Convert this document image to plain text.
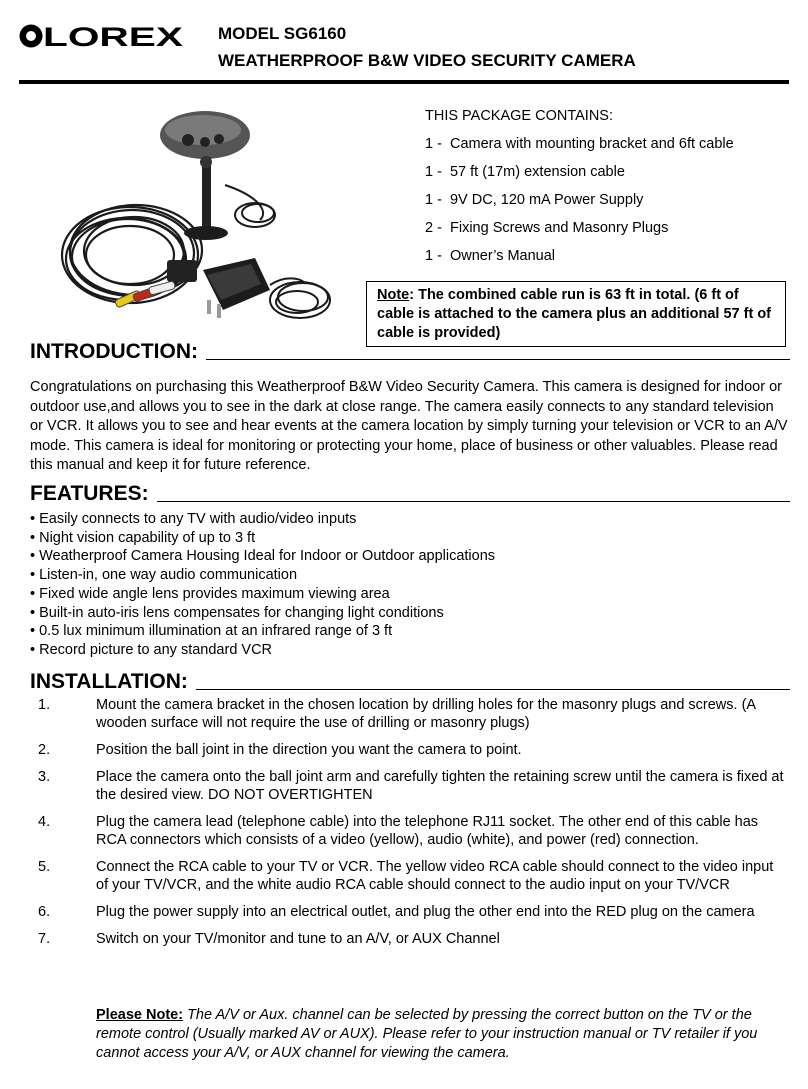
LOREX MODEL SG6160
WEATHERPROOF B&W VIDEO SECURITY CAMERA
THIS PACKAGE CONTAINS:
1 - Camera with mounting bracket and 6ft cable
1 - 57 ft (17m) extension cable
1 - 9V DC, 120 mA Power Supply
2 - Fixing Screws and Masonry Plugs
1 - Owner’s Manual
Note: The combined cable run is 63 ft in total. (6 ft of cable is attached to the camera plus an additional 57 ft of cable is provided)
INTRODUCTION:
Congratulations on purchasing this Weatherproof B&W Video Security Camera. This camera is designed for indoor or outdoor use,and allows you to see in the dark at close range. The camera easily connects to any standard television or VCR. It allows you to see and hear events at the camera location by simply turning your television or VCR to an A/V mode. This camera is ideal for monitoring or protecting your home, place of business or other valuables. Please read this manual and keep it for future reference.
FEATURES:
• Easily connects to any TV with audio/video inputs
• Night vision capability of up to 3 ft
• Weatherproof Camera Housing Ideal for Indoor or Outdoor applications
• Listen-in, one way audio communication
• Fixed wide angle lens provides maximum viewing area
• Built-in auto-iris lens compensates for changing light conditions
• 0.5 lux minimum illumination at an infrared range of 3 ft
• Record picture to any standard VCR
INSTALLATION:
1.	Mount the camera bracket in the chosen location by drilling holes for the masonry plugs and screws. (A wooden surface will not require the use of drilling or masonry plugs)
2.	Position the ball joint in the direction you want the camera to point.
3.	Place the camera onto the ball joint arm and carefully tighten the retaining screw until the camera is fixed at the desired view. DO NOT OVERTIGHTEN
4.	Plug the camera lead (telephone cable) into the telephone RJ11 socket. The other end of this cable has RCA connectors which consists of a video (yellow), audio (white), and power (red) connection.
5.	Connect the RCA cable to your TV or VCR. The yellow video RCA cable should connect to the video input of your TV/VCR, and the white audio RCA cable should connect to the audio input on your TV/VCR
6.	Plug the power supply into an electrical outlet, and plug the other end into the RED plug on the camera
7.	Switch on your TV/monitor and tune to an A/V, or AUX Channel
Please Note: The A/V or Aux. channel can be selected by pressing the correct button on the TV or the remote control (Usually marked AV or AUX). Please refer to your instruction manual or TV retailer if you cannot access your A/V, or AUX channel for viewing the camera.
